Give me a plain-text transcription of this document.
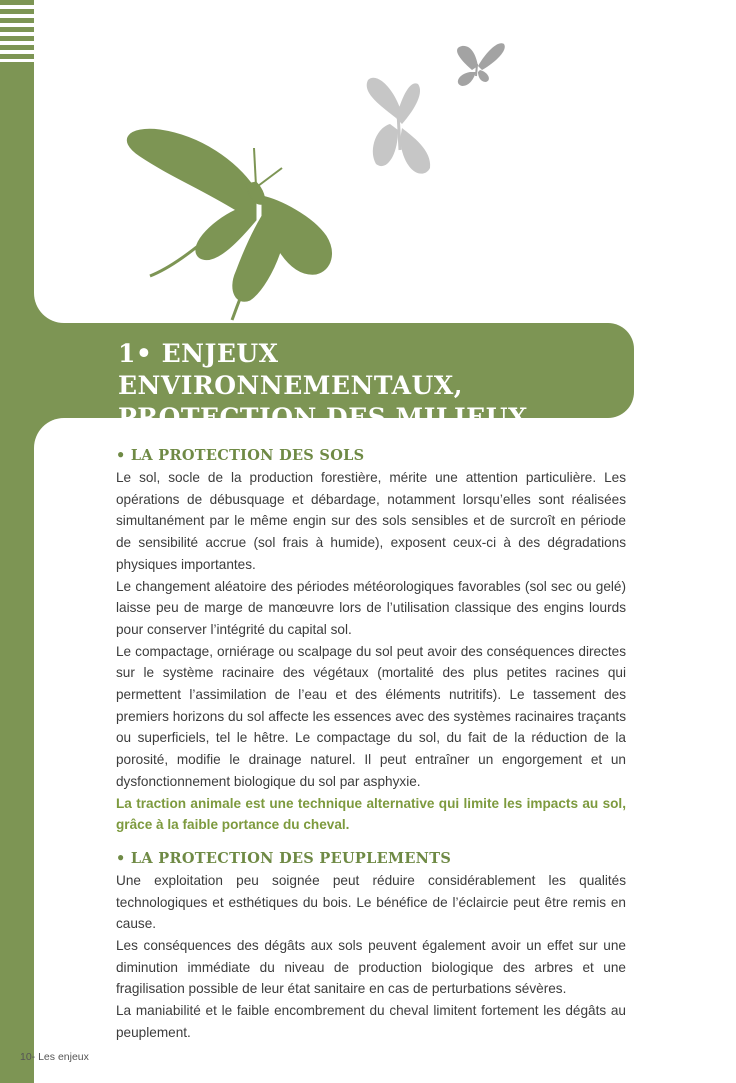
1• ENJEUX ENVIRONNEMENTAUX,
PROTECTION DES MILIEUX
• LA PROTECTION DES SOLS

Le sol, socle de la production forestière, mérite une attention particulière. Les opérations de débusquage et débardage, notamment lorsqu’elles sont réalisées simultanément par le même engin sur des sols sensibles et de surcroît en période de sensibilité accrue (sol frais à humide), exposent ceux-ci à des dégradations physiques importantes.

Le changement aléatoire des périodes météorologiques favorables (sol sec ou gelé) laisse peu de marge de manœuvre lors de l’utilisation classique des engins lourds pour conserver l’intégrité du capital sol.

Le compactage, orniérage ou scalpage du sol peut avoir des conséquences directes sur le système racinaire des végétaux (mortalité des plus petites racines qui permettent l’assimilation de l’eau et des éléments nutritifs). Le tassement des premiers horizons du sol affecte les essences avec des systèmes racinaires traçants ou superficiels, tel le hêtre. Le compactage du sol, du fait de la réduction de la porosité, modifie le drainage naturel. Il peut entraîner un engorgement et un dysfonctionnement biologique du sol par asphyxie.

La traction animale est une technique alternative qui limite les impacts au sol, grâce à la faible portance du cheval.

• LA PROTECTION DES PEUPLEMENTS

Une exploitation peu soignée peut réduire considérablement les qualités technologiques et esthétiques du bois. Le bénéfice de l’éclaircie peut être remis en cause.

Les conséquences des dégâts aux sols peuvent également avoir un effet sur une diminution immédiate du niveau de production biologique des arbres et une fragilisation possible de leur état sanitaire en cas de perturbations sévères.

La maniabilité et le faible encombrement du cheval limitent fortement les dégâts au peuplement.

10- Les enjeux
